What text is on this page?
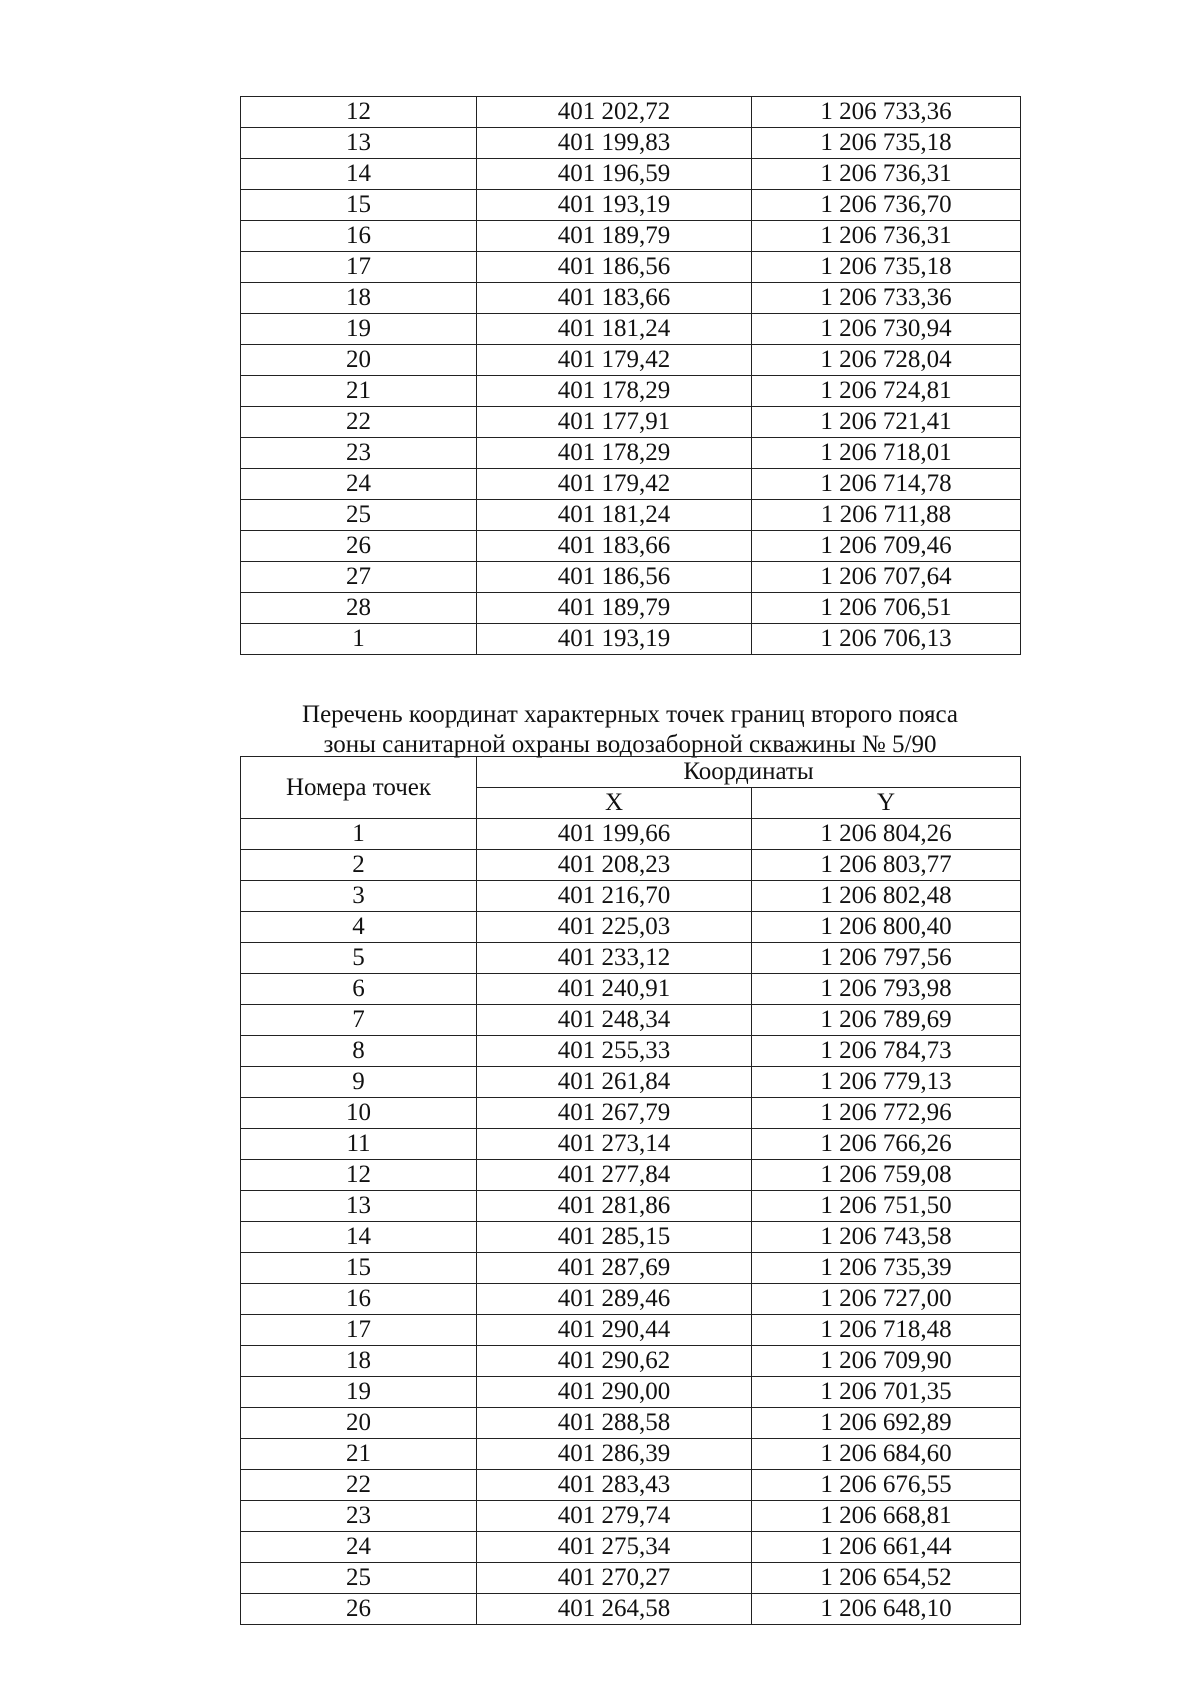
12	401 202,72	1 206 733,36
13	401 199,83	1 206 735,18
14	401 196,59	1 206 736,31
15	401 193,19	1 206 736,70
16	401 189,79	1 206 736,31
17	401 186,56	1 206 735,18
18	401 183,66	1 206 733,36
19	401 181,24	1 206 730,94
20	401 179,42	1 206 728,04
21	401 178,29	1 206 724,81
22	401 177,91	1 206 721,41
23	401 178,29	1 206 718,01
24	401 179,42	1 206 714,78
25	401 181,24	1 206 711,88
26	401 183,66	1 206 709,46
27	401 186,56	1 206 707,64
28	401 189,79	1 206 706,51
1	401 193,19	1 206 706,13
Перечень координат характерных точек границ второго пояса
зоны санитарной охраны водозаборной скважины № 5/90
Номера точек	Координаты	
	X	Y
1	401 199,66	1 206 804,26
2	401 208,23	1 206 803,77
3	401 216,70	1 206 802,48
4	401 225,03	1 206 800,40
5	401 233,12	1 206 797,56
6	401 240,91	1 206 793,98
7	401 248,34	1 206 789,69
8	401 255,33	1 206 784,73
9	401 261,84	1 206 779,13
10	401 267,79	1 206 772,96
11	401 273,14	1 206 766,26
12	401 277,84	1 206 759,08
13	401 281,86	1 206 751,50
14	401 285,15	1 206 743,58
15	401 287,69	1 206 735,39
16	401 289,46	1 206 727,00
17	401 290,44	1 206 718,48
18	401 290,62	1 206 709,90
19	401 290,00	1 206 701,35
20	401 288,58	1 206 692,89
21	401 286,39	1 206 684,60
22	401 283,43	1 206 676,55
23	401 279,74	1 206 668,81
24	401 275,34	1 206 661,44
25	401 270,27	1 206 654,52
26	401 264,58	1 206 648,10
